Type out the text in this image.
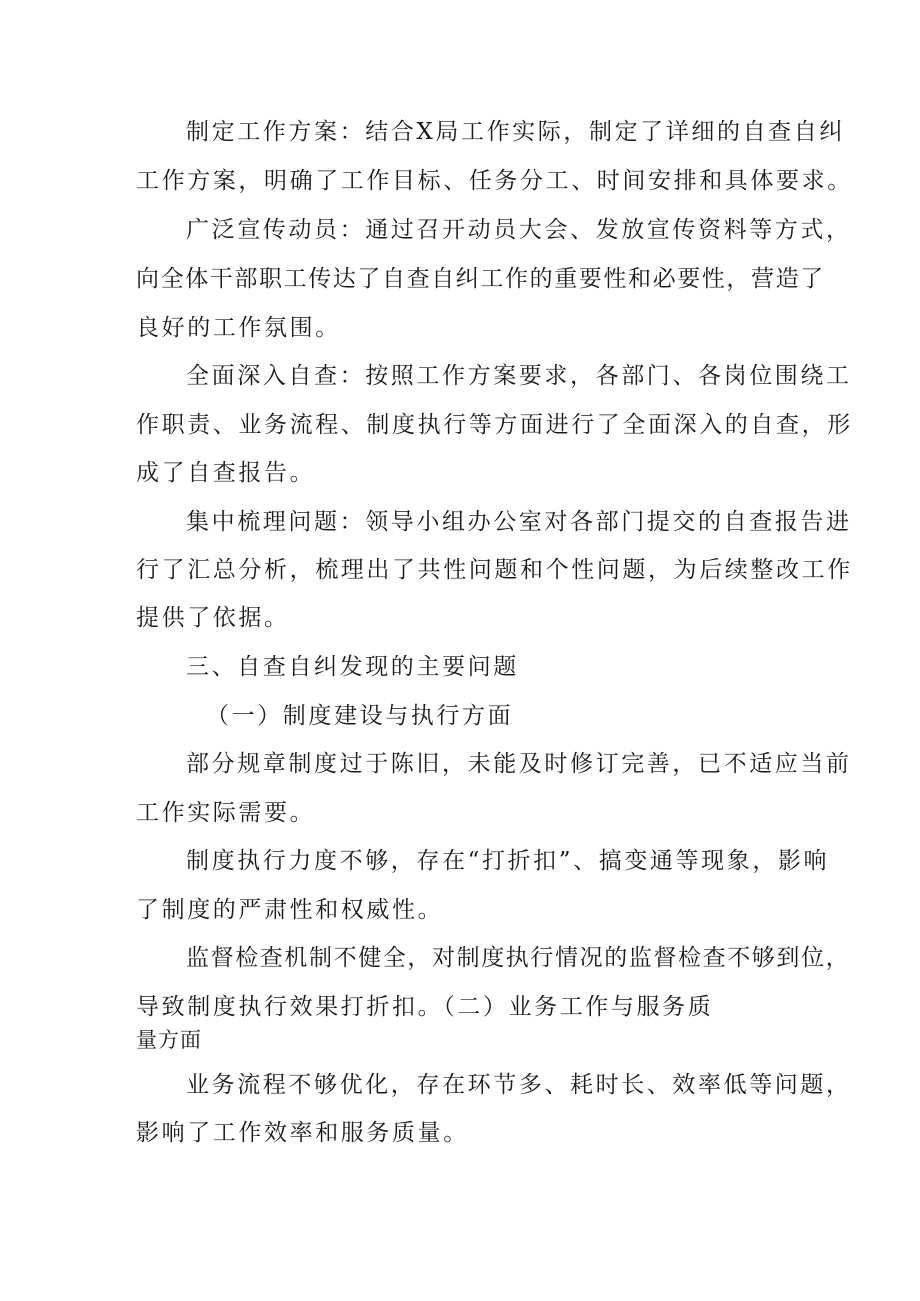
制定工作方案：结合X局工作实际，制定了详细的自查自纠
工作方案，明确了工作目标、任务分工、时间安排和具体要求。
广泛宣传动员：通过召开动员大会、发放宣传资料等方式，
向全体干部职工传达了自查自纠工作的重要性和必要性，营造了
良好的工作氛围。
全面深入自查：按照工作方案要求，各部门、各岗位围绕工
作职责、业务流程、制度执行等方面进行了全面深入的自查，形
成了自查报告。
集中梳理问题：领导小组办公室对各部门提交的自查报告进
行了汇总分析，梳理出了共性问题和个性问题，为后续整改工作
提供了依据。
三、自查自纠发现的主要问题
（一）制度建设与执行方面
部分规章制度过于陈旧，未能及时修订完善，已不适应当前
工作实际需要。
制度执行力度不够，存在“打折扣”、搞变通等现象，影响
了制度的严肃性和权威性。
监督检查机制不健全，对制度执行情况的监督检查不够到位，
导致制度执行效果打折扣。（二）业务工作与服务质
量方面
业务流程不够优化，存在环节多、耗时长、效率低等问题，
影响了工作效率和服务质量。
